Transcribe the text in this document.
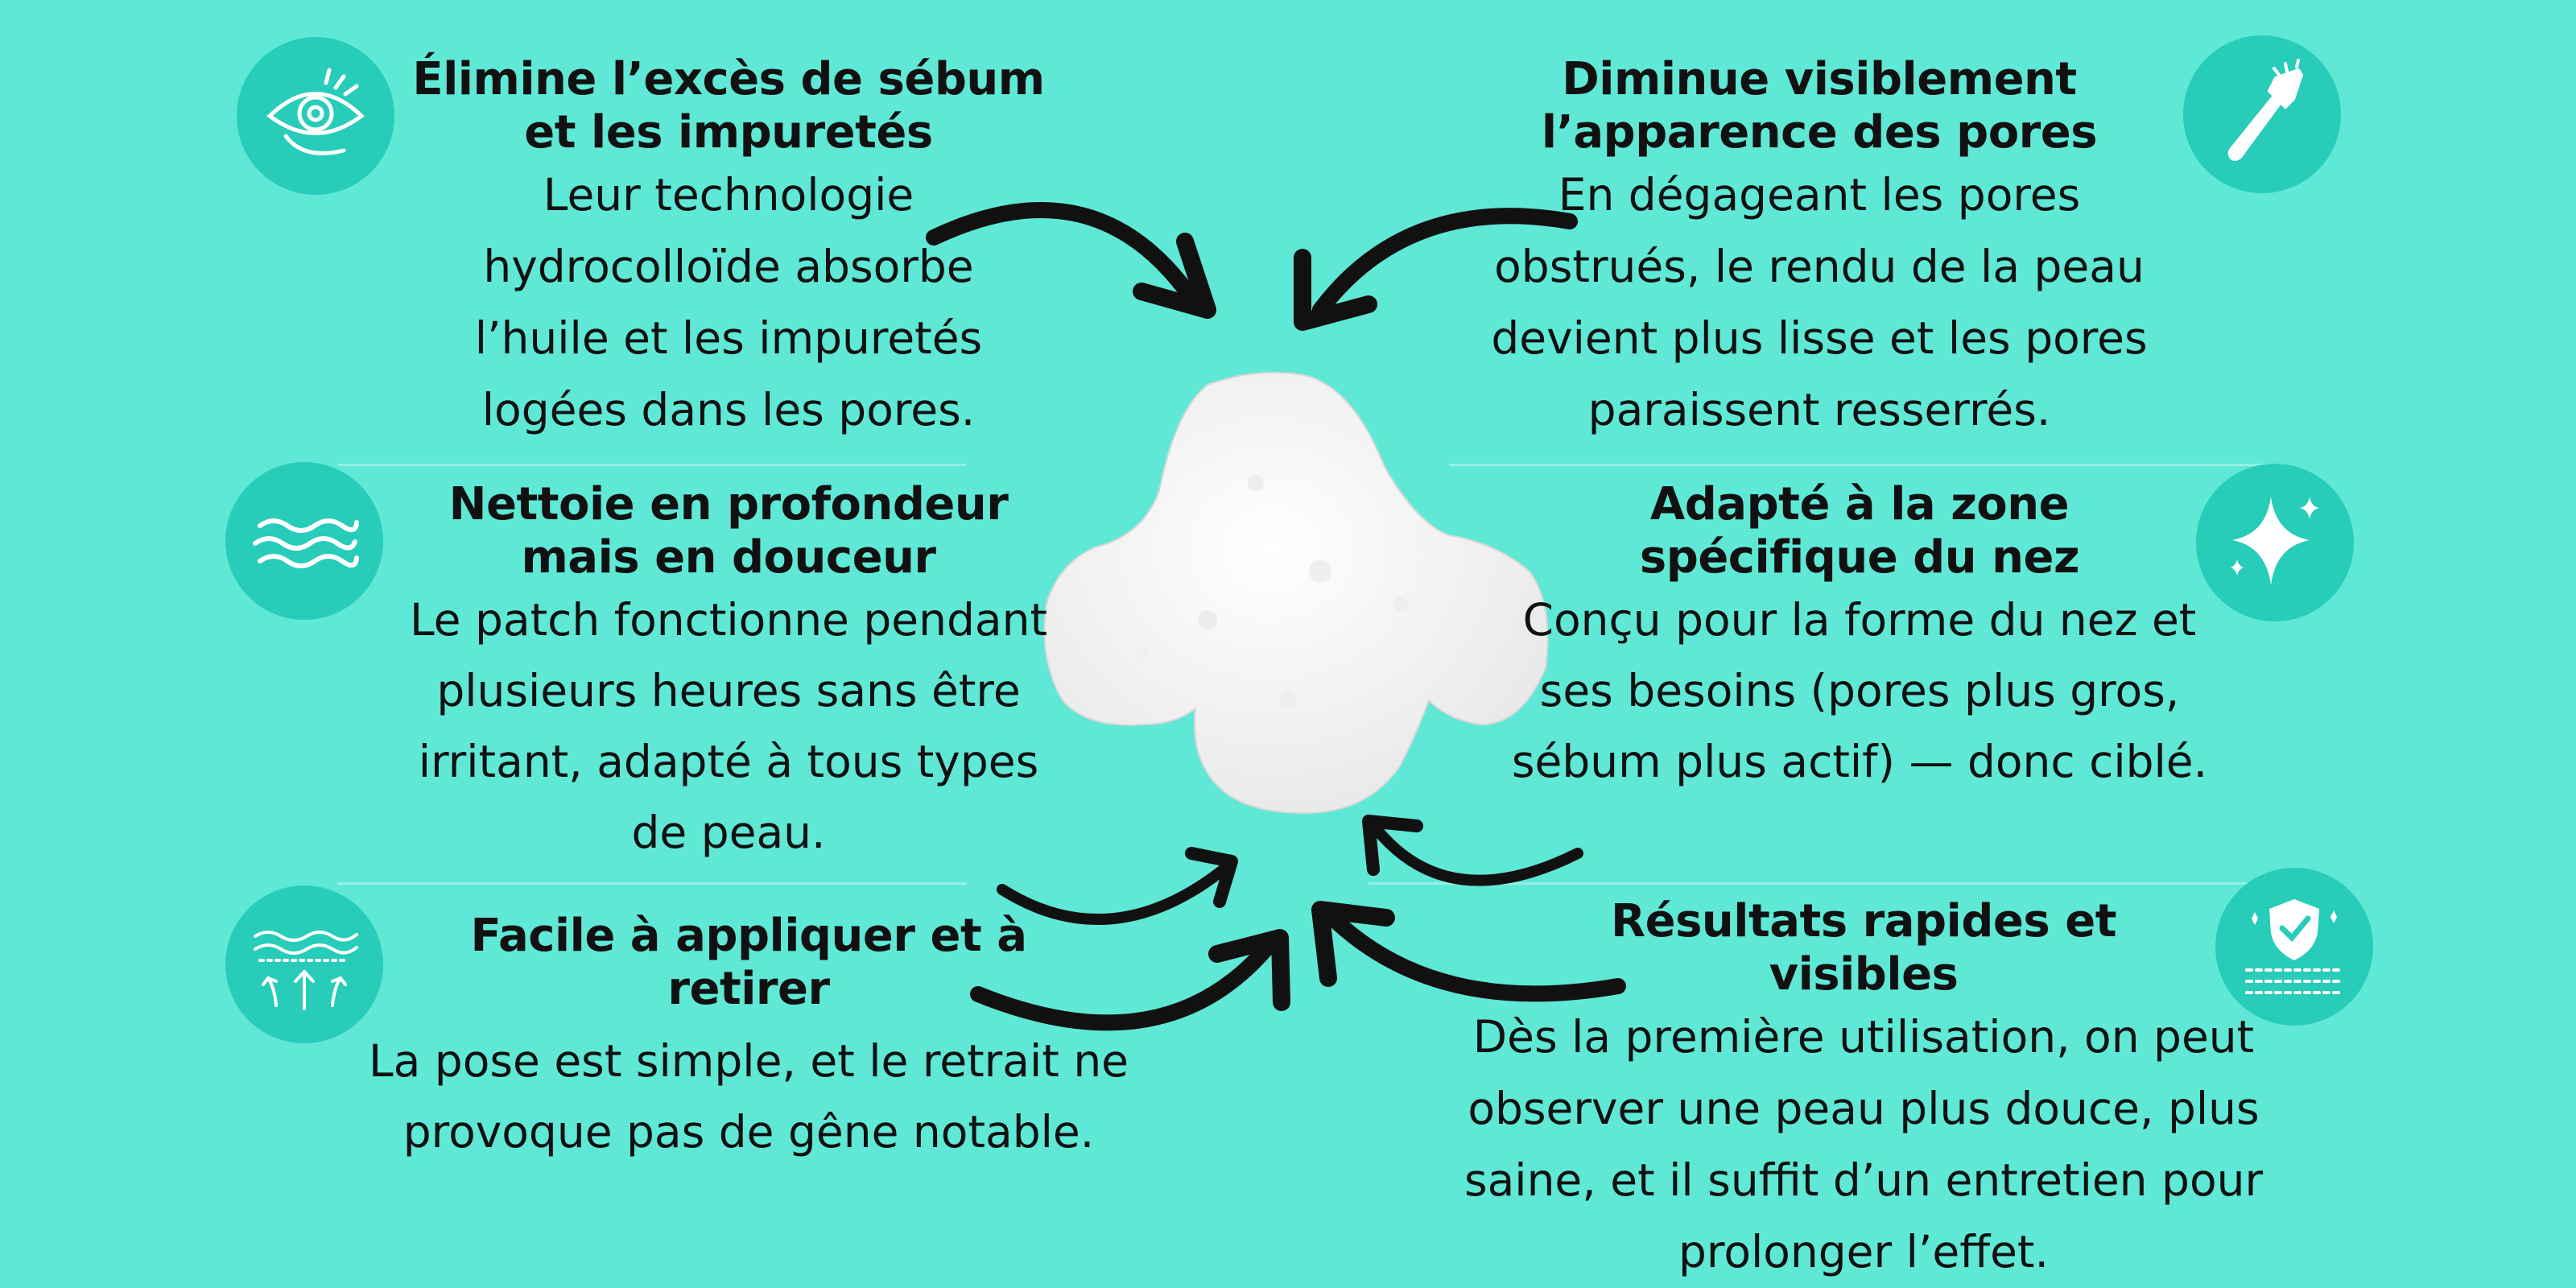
Élimine l’excès de sébum et les impuretés

Leur technologie hydrocolloïde absorbe l’huile et les impuretés logées dans les pores.

Diminue visiblement l’apparence des pores

En dégageant les pores obstrués, le rendu de la peau devient plus lisse et les pores paraissent resserrés.

Nettoie en profondeur mais en douceur

Le patch fonctionne pendant plusieurs heures sans être irritant, adapté à tous types de peau.

Adapté à la zone spécifique du nez

Conçu pour la forme du nez et ses besoins (pores plus gros, sébum plus actif) — donc ciblé.

Facile à appliquer et à retirer

La pose est simple, et le retrait ne provoque pas de gêne notable.

Résultats rapides et visibles

Dès la première utilisation, on peut observer une peau plus douce, plus saine, et il suffit d’un entretien pour prolonger l’effet.
